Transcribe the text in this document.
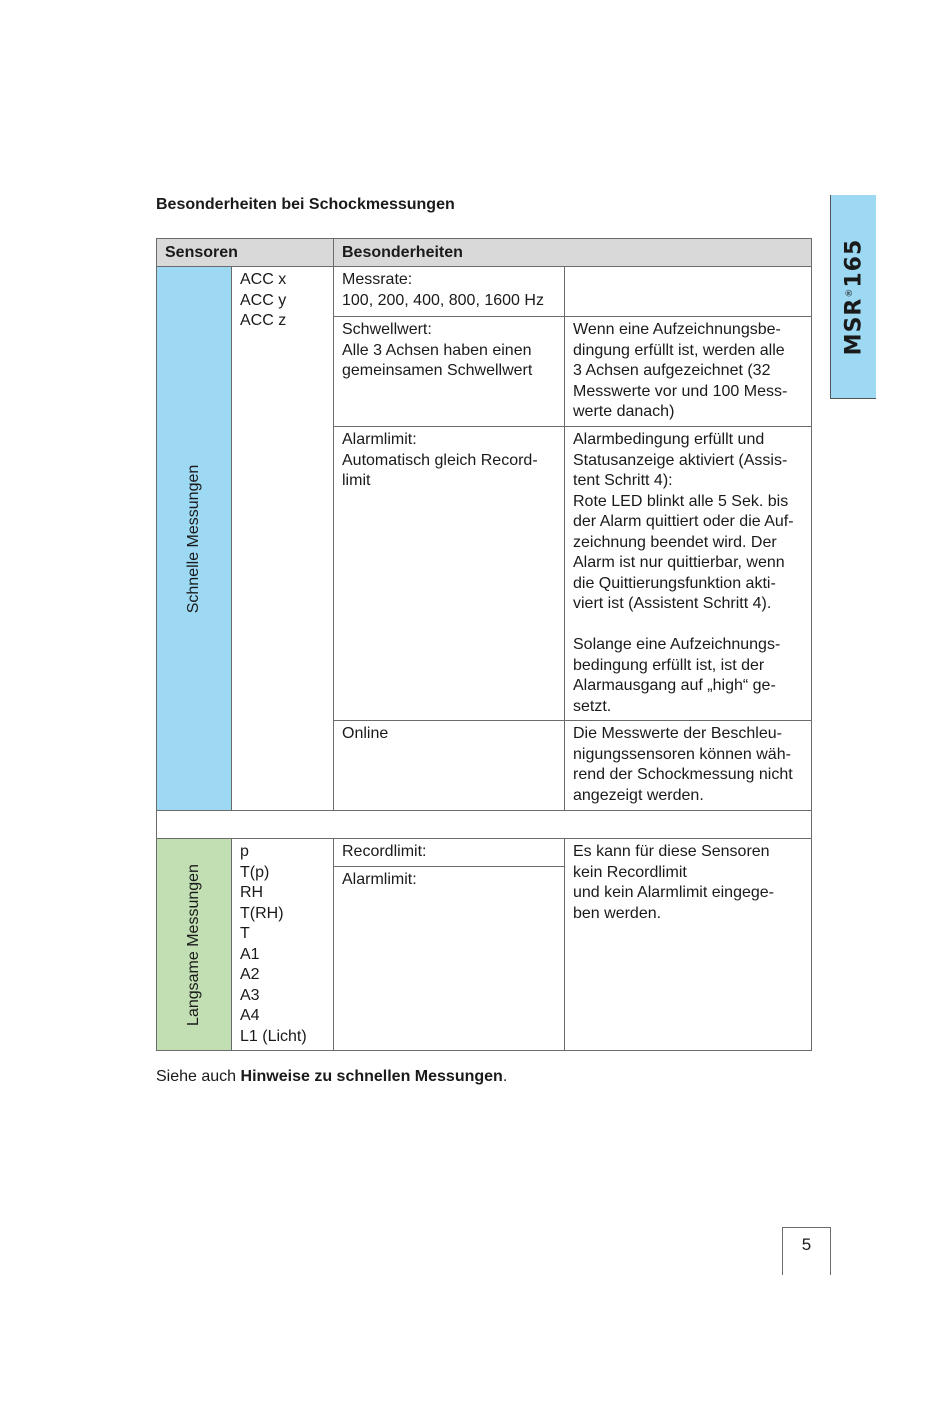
Besonderheiten bei Schockmessungen
MSR®165
Sensoren	Besonderheiten
Schnelle Messungen
ACC x
ACC y
ACC z
Messrate:
100, 200, 400, 800, 1600 Hz
Schwellwert:
Alle 3 Achsen haben einen
gemeinsamen Schwellwert
Wenn eine Aufzeichnungsbe-
dingung erfüllt ist, werden alle
3 Achsen aufgezeichnet (32
Messwerte vor und 100 Mess-
werte danach)
Alarmlimit:
Automatisch gleich Record-
limit
Alarmbedingung erfüllt und
Statusanzeige aktiviert (Assis-
tent Schritt 4):
Rote LED blinkt alle 5 Sek. bis
der Alarm quittiert oder die Auf-
zeichnung beendet wird. Der
Alarm ist nur quittierbar, wenn
die Quittierungsfunktion akti-
viert ist (Assistent Schritt 4).
Solange eine Aufzeichnungs-
bedingung erfüllt ist, ist der
Alarmausgang auf „high“ ge-
setzt.
Online	Die Messwerte der Beschleu-
nigungssensoren können wäh-
rend der Schockmessung nicht
angezeigt werden.
Langsame Messungen
p
T(p)
RH
T(RH)
T
A1
A2
A3
A4
L1 (Licht)
Recordlimit:
Alarmlimit:
Es kann für diese Sensoren
kein Recordlimit
und kein Alarmlimit eingege-
ben werden.
Siehe auch Hinweise zu schnellen Messungen.
5
